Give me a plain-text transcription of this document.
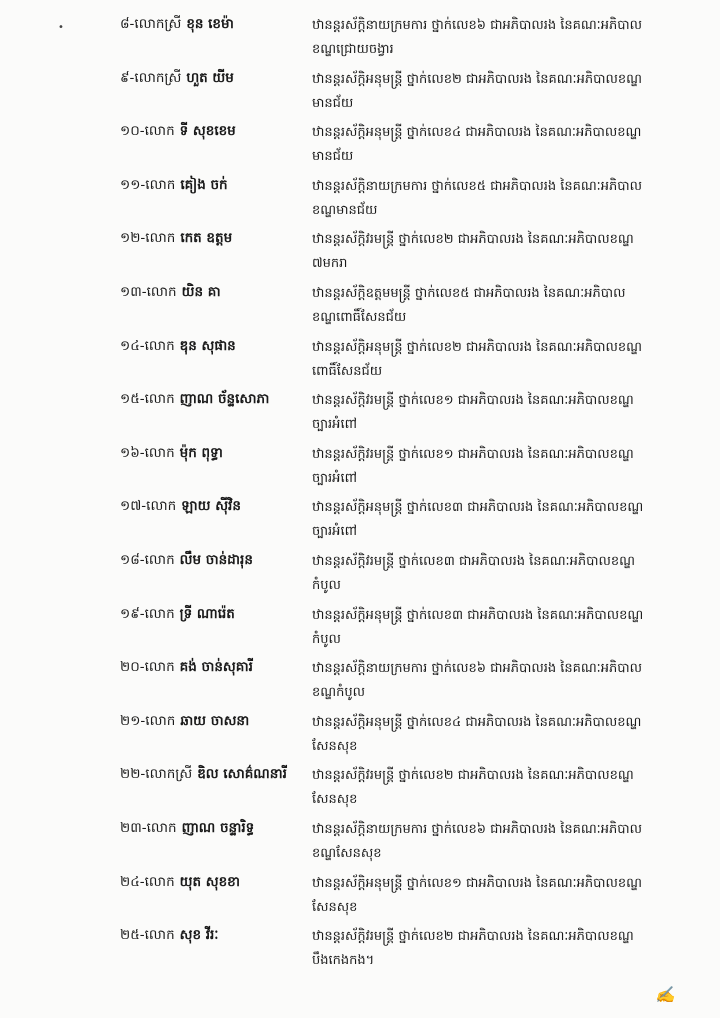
•	៨-លោកស្រី ខុន ខេម៉ា	ឋានន្តរស័ក្តិនាយក្រមការ ថ្នាក់លេខ៦ ជាអភិបាលរង នៃគណៈអភិបាល
ខណ្ឌជ្រោយចង្វារ
៩-លោកស្រី ហួត យីម	ឋានន្តរស័ក្តិអនុមន្ត្រី ថ្នាក់លេខ២ ជាអភិបាលរង នៃគណៈអភិបាលខណ្ឌ
មានជ័យ
១០-លោក ទី សុខខេម	ឋានន្តរស័ក្តិអនុមន្ត្រី ថ្នាក់លេខ៤ ជាអភិបាលរង នៃគណៈអភិបាលខណ្ឌ
មានជ័យ
១១-លោក គៀង ចក់	ឋានន្តរស័ក្តិនាយក្រមការ ថ្នាក់លេខ៥ ជាអភិបាលរង នៃគណៈអភិបាល
ខណ្ឌមានជ័យ
១២-លោក កេត ឧត្តម	ឋានន្តរស័ក្តិវរមន្ត្រី ថ្នាក់លេខ២ ជាអភិបាលរង នៃគណៈអភិបាលខណ្ឌ
៧មករា
១៣-លោក យិន គា	ឋានន្តរស័ក្តិឧត្តមមន្ត្រី ថ្នាក់លេខ៥ ជាអភិបាលរង នៃគណៈអភិបាល
ខណ្ឌពោធិ៍សែនជ័យ
១៤-លោក ឌុន សុផាន	ឋានន្តរស័ក្តិអនុមន្ត្រី ថ្នាក់លេខ២ ជាអភិបាលរង នៃគណៈអភិបាលខណ្ឌ
ពោធិ៍សែនជ័យ
១៥-លោក ញាណ ច័ន្ទសោភា	ឋានន្តរស័ក្តិវរមន្ត្រី ថ្នាក់លេខ១ ជាអភិបាលរង នៃគណៈអភិបាលខណ្ឌ
ច្បារអំពៅ
១៦-លោក ម៉ុក ពុទ្ធា	ឋានន្តរស័ក្តិវរមន្ត្រី ថ្នាក់លេខ១ ជាអភិបាលរង នៃគណៈអភិបាលខណ្ឌ
ច្បារអំពៅ
១៧-លោក ឡាយ ស៊ីវិន	ឋានន្តរស័ក្តិអនុមន្ត្រី ថ្នាក់លេខ៣ ជាអភិបាលរង នៃគណៈអភិបាលខណ្ឌ
ច្បារអំពៅ
១៨-លោក លឹម ចាន់ដារុន	ឋានន្តរស័ក្តិវរមន្ត្រី ថ្នាក់លេខ៣ ជាអភិបាលរង នៃគណៈអភិបាលខណ្ឌ
កំបូល
១៩-លោក ទ្រី ណារ៉េត	ឋានន្តរស័ក្តិអនុមន្ត្រី ថ្នាក់លេខ៣ ជាអភិបាលរង នៃគណៈអភិបាលខណ្ឌ
កំបូល
២០-លោក គង់ ចាន់សុគារី	ឋានន្តរស័ក្តិនាយក្រមការ ថ្នាក់លេខ៦ ជាអភិបាលរង នៃគណៈអភិបាល
ខណ្ឌកំបូល
២១-លោក ឆាយ ចាសនា	ឋានន្តរស័ក្តិអនុមន្ត្រី ថ្នាក់លេខ៤ ជាអភិបាលរង នៃគណៈអភិបាលខណ្ឌ
សែនសុខ
២២-លោកស្រី ឌិល សោគ៌ណនារី	ឋានន្តរស័ក្តិវរមន្ត្រី ថ្នាក់លេខ២ ជាអភិបាលរង នៃគណៈអភិបាលខណ្ឌ
សែនសុខ
២៣-លោក ញាណ ចន្ទារិទ្ធ	ឋានន្តរស័ក្តិនាយក្រមការ ថ្នាក់លេខ៦ ជាអភិបាលរង នៃគណៈអភិបាល
ខណ្ឌសែនសុខ
២៤-លោក យុត សុខខា	ឋានន្តរស័ក្តិអនុមន្ត្រី ថ្នាក់លេខ១ ជាអភិបាលរង នៃគណៈអភិបាលខណ្ឌ
សែនសុខ
២៥-លោក សុខ វីរៈ	ឋានន្តរស័ក្តិវរមន្ត្រី ថ្នាក់លេខ២ ជាអភិបាលរង នៃគណៈអភិបាលខណ្ឌ
បឹងកេងកង។
✍
